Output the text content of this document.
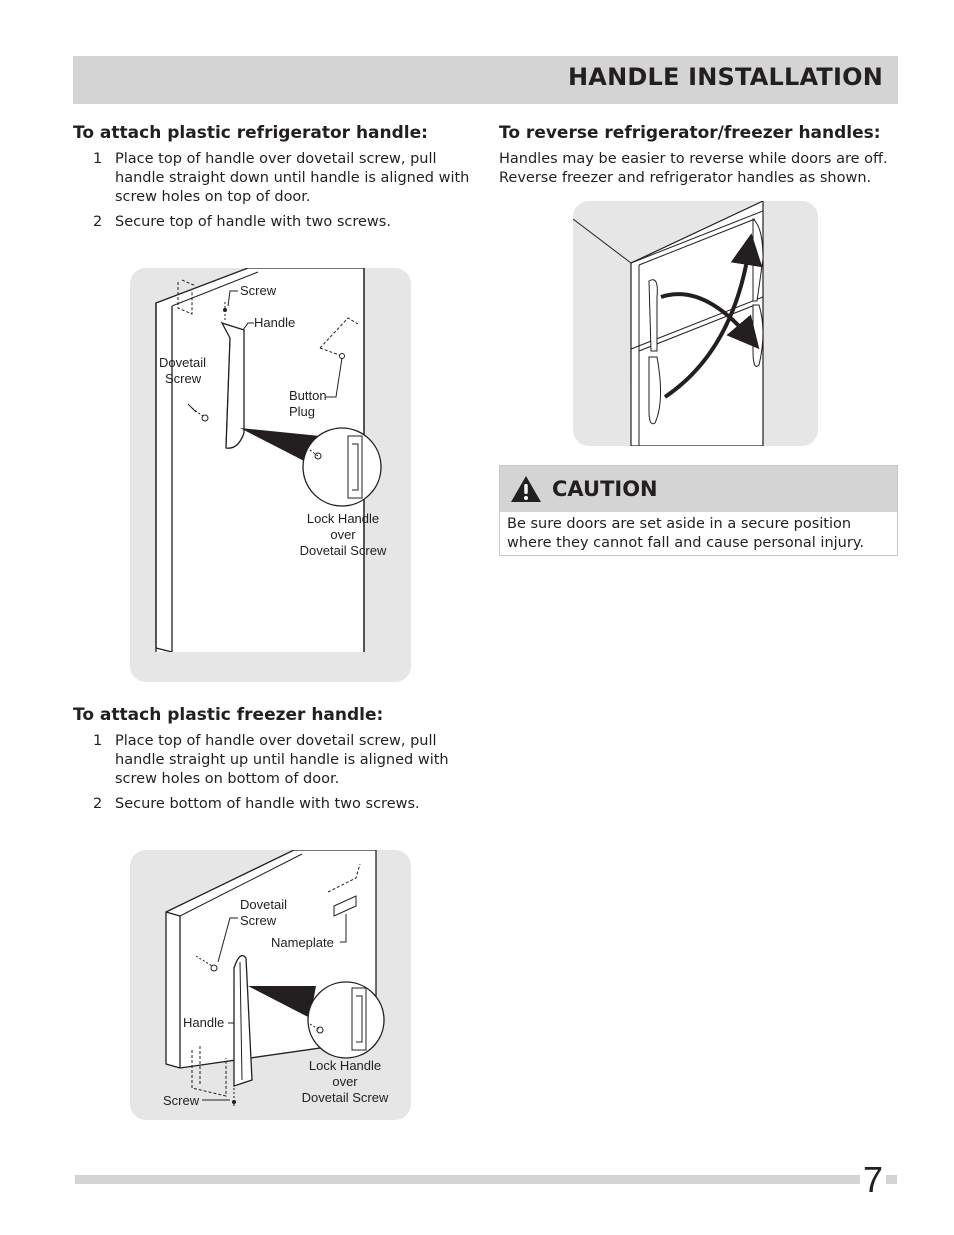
HANDLE INSTALLATION
To attach plastic refrigerator handle:
1 Place top of handle over dovetail screw, pull handle straight down until handle is aligned with screw holes on top of door.
2 Secure top of handle with two screws.
Screw
Handle
Dovetail
Screw
Button
Plug
Lock Handle
over
Dovetail Screw
To attach plastic freezer handle:
1 Place top of handle over dovetail screw, pull handle straight up until handle is aligned with screw holes on bottom of door.
2 Secure bottom of handle with two screws.
Dovetail
Screw
Nameplate
Handle
Screw
Lock Handle
over
Dovetail Screw
To reverse refrigerator/freezer handles:

Handles may be easier to reverse while doors are off.

Reverse freezer and refrigerator handles as shown.

CAUTION
Be sure doors are set aside in a secure position where they cannot fall and cause personal injury.
7
